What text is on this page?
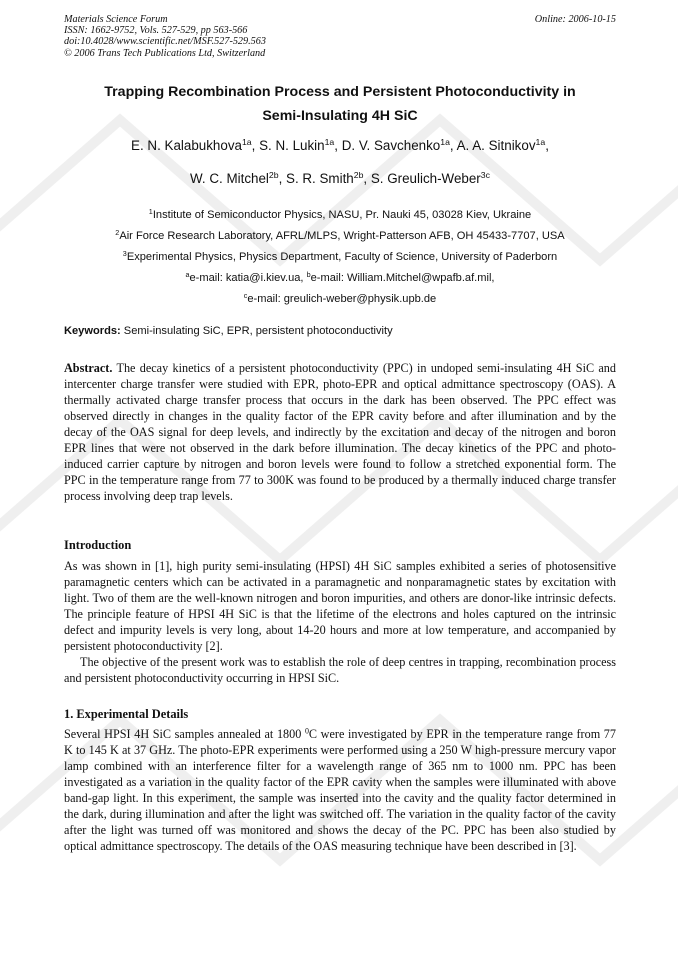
Materials Science Forum
ISSN: 1662-9752, Vols. 527-529, pp 563-566
doi:10.4028/www.scientific.net/MSF.527-529.563
© 2006 Trans Tech Publications Ltd, Switzerland
Online: 2006-10-15
Trapping Recombination Process and Persistent Photoconductivity in
Semi-Insulating 4H SiC
E. N. Kalabukhova$^{1a}$, S. N. Lukin$^{1a}$, D. V. Savchenko$^{1a}$, A. A. Sitnikov$^{1a}$,
W. C. Mitchel$^{2b}$, S. R. Smith$^{2b}$, S. Greulich-Weber$^{3c}$
$^1$Institute of Semiconductor Physics, NASU, Pr. Nauki 45, 03028 Kiev, Ukraine
$^2$Air Force Research Laboratory, AFRL/MLPS, Wright-Patterson AFB, OH 45433-7707, USA
$^3$Experimental Physics, Physics Department, Faculty of Science, University of Paderborn
$^a$e-mail: katia@i.kiev.ua, $^b$e-mail: William.Mitchel@wpafb.af.mil,
$^c$e-mail: greulich-weber@physik.upb.de
Keywords: Semi-insulating SiC, EPR, persistent photoconductivity

Abstract. The decay kinetics of a persistent photoconductivity (PPC) in undoped semi-insulating 4H SiC and intercenter charge transfer were studied with EPR, photo-EPR and optical admittance spectroscopy (OAS). A thermally activated charge transfer process that occurs in the dark has been observed. The PPC effect was observed directly in changes in the quality factor of the EPR cavity before and after illumination and by the decay of the OAS signal for deep levels, and indirectly by the excitation and decay of the nitrogen and boron EPR lines that were not observed in the dark before illumination. The decay kinetics of the PPC and photo-induced carrier capture by nitrogen and boron levels were found to follow a stretched exponential form. The PPC in the temperature range from 77 to 300K was found to be produced by a thermally induced charge transfer process involving deep trap levels.

Introduction

As was shown in [1], high purity semi-insulating (HPSI) 4H SiC samples exhibited a series of photosensitive paramagnetic centers which can be activated in a paramagnetic and nonparamagnetic states by excitation with light. Two of them are the well-known nitrogen and boron impurities, and others are donor-like intrinsic defects. The principle feature of HPSI 4H SiC is that the lifetime of the electrons and holes captured on the intrinsic defect and impurity levels is very long, about 14-20 hours and more at low temperature, and accompanied by persistent photoconductivity [2].

The objective of the present work was to establish the role of deep centres in trapping, recombination process and persistent photoconductivity occurring in HPSI SiC.

1. Experimental Details

Several HPSI 4H SiC samples annealed at 1800 $^0$C were investigated by EPR in the temperature range from 77 K to 145 K at 37 GHz. The photo-EPR experiments were performed using a 250 W high-pressure mercury vapor lamp combined with an interference filter for a wavelength range of 365 nm to 1000 nm. PPC has been investigated as a variation in the quality factor of the EPR cavity when the samples were illuminated with above band-gap light. In this experiment, the sample was inserted into the cavity and the quality factor determined in the dark, during illumination and after the light was switched off. The variation in the quality factor of the cavity after the light was turned off was monitored and shows the decay of the PC. PPC has been also studied by optical admittance spectroscopy. The details of the OAS measuring technique have been described in [3].
